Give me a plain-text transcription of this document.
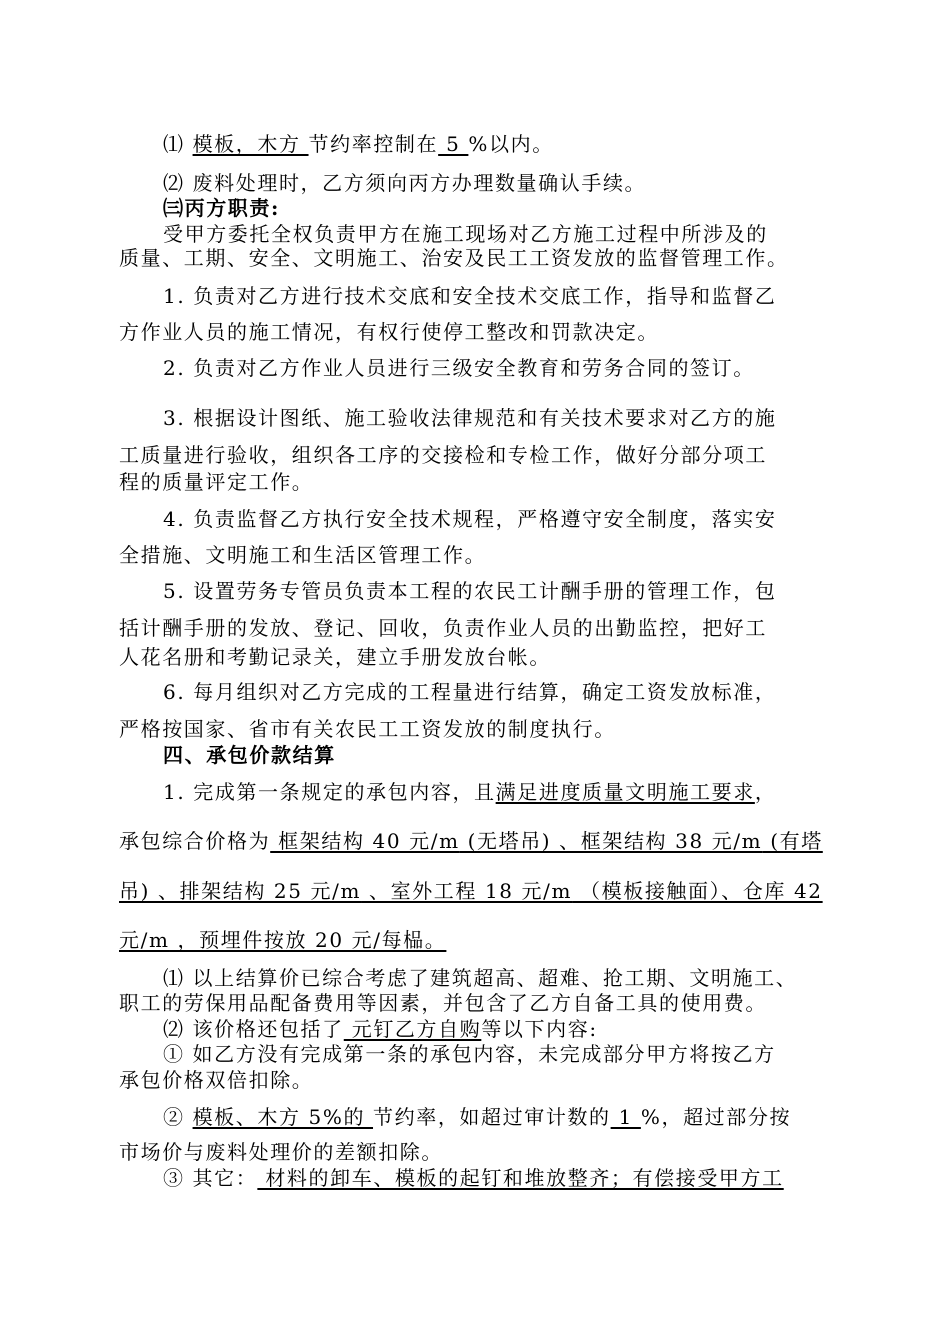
⑴ 模板，木方 节约率控制在 5 %以内。
⑵ 废料处理时，乙方须向丙方办理数量确认手续。
㈢丙方职责:
受甲方委托全权负责甲方在施工现场对乙方施工过程中所涉及的
质量、工期、安全、文明施工、治安及民工工资发放的监督管理工作。
1. 负责对乙方进行技术交底和安全技术交底工作，指导和监督乙
方作业人员的施工情况，有权行使停工整改和罚款决定。
2. 负责对乙方作业人员进行三级安全教育和劳务合同的签订。
3. 根据设计图纸、施工验收法律规范和有关技术要求对乙方的施
工质量进行验收，组织各工序的交接检和专检工作，做好分部分项工
程的质量评定工作。
4. 负责监督乙方执行安全技术规程，严格遵守安全制度，落实安
全措施、文明施工和生活区管理工作。
5. 设置劳务专管员负责本工程的农民工计酬手册的管理工作，包
括计酬手册的发放、登记、回收，负责作业人员的出勤监控，把好工
人花名册和考勤记录关，建立手册发放台帐。
6. 每月组织对乙方完成的工程量进行结算，确定工资发放标准，
严格按国家、省市有关农民工工资发放的制度执行。
四、承包价款结算
1. 完成第一条规定的承包内容，且满足进度质量文明施工要求，
承包综合价格为 框架结构 40 元/m (无塔吊) 、框架结构 38 元/m (有塔
吊) 、排架结构 25 元/m 、室外工程 18 元/m （模板接触面）、仓库 42
元/m ，预埋件按放 20 元/每榀。
⑴ 以上结算价已综合考虑了建筑超高、超难、抢工期、文明施工、
职工的劳保用品配备费用等因素，并包含了乙方自备工具的使用费。
⑵ 该价格还包括了 元钉乙方自购等以下内容:
① 如乙方没有完成第一条的承包内容，未完成部分甲方将按乙方
承包价格双倍扣除。
② 模板、木方 5%的 节约率，如超过审计数的 1 %，超过部分按
市场价与废料处理价的差额扣除。
③ 其它： 材料的卸车、模板的起钉和堆放整齐；有偿接受甲方工
